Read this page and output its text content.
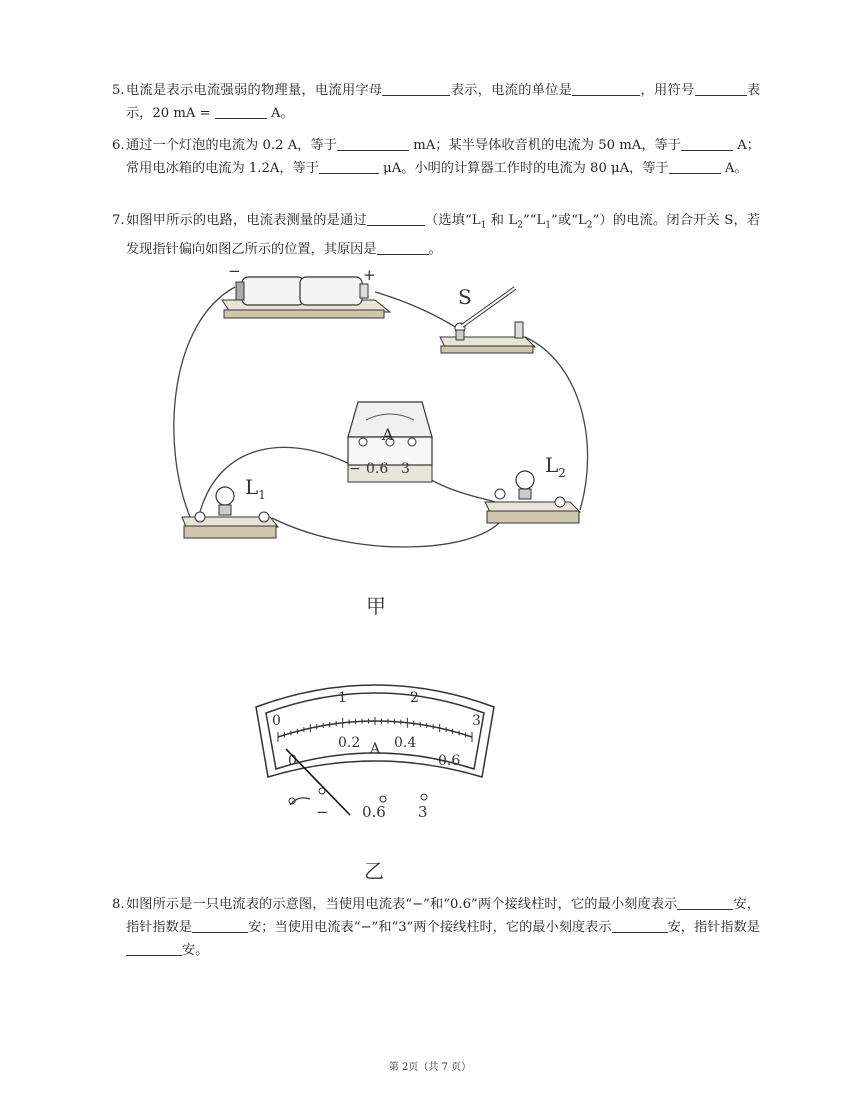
5. 电流是表示电流强弱的物理量，电流用字母	表示，电流的单位是	，用符号	表示，20 mA =	A。
6. 通过一个灯泡的电流为 0.2 A，等于	mA；某半导体收音机的电流为 50 mA，等于	A；常用电冰箱的电流为 1.2A，等于	μA。小明的计算器工作时的电流为 80 μA，等于	A。
7. 如图甲所示的电路，电流表测量的是通过	（选填“$L_1$ 和 $L_2”“L_1$”或“$L_2$”）的电流。闭合开关 S，若发现指针偏向如图乙所示的位置，其原因是	。
−	+
S
A
− 0.6 3
$L_1$
$L_2$
甲
0
1	2
3
0
0.2 0.4
0.6
A
− 0.6 3
乙
8. 如图所示是一只电流表的示意图，当使用电流表“−”和“0.6”两个接线柱时，它的最小刻度表示	安，指针指数是	安；当使用电流表“−”和“3”两个接线柱时，它的最小刻度表示	安，指针指数是安。
第 2页（共 7 页）
